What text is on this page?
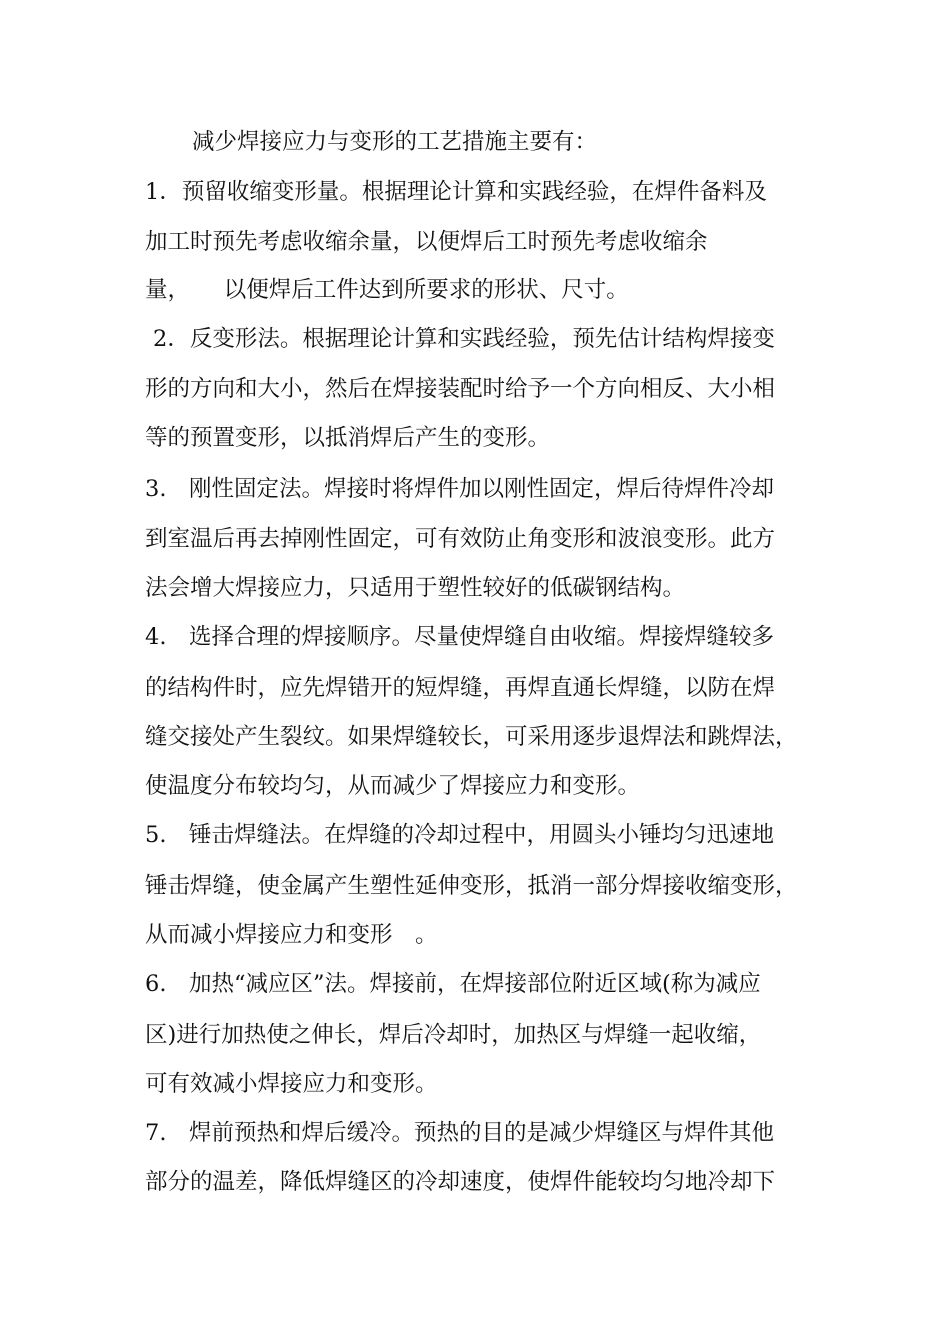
减少焊接应力与变形的工艺措施主要有：
1．预留收缩变形量。根据理论计算和实践经验，在焊件备料及
加工时预先考虑收缩余量，以便焊后工时预先考虑收缩余
量，　　以便焊后工件达到所要求的形状、尺寸。
2．反变形法。根据理论计算和实践经验，预先估计结构焊接变
形的方向和大小，然后在焊接装配时给予一个方向相反、大小相
等的预置变形，以抵消焊后产生的变形。
3.　刚性固定法。焊接时将焊件加以刚性固定，焊后待焊件冷却
到室温后再去掉刚性固定，可有效防止角变形和波浪变形。此方
法会增大焊接应力，只适用于塑性较好的低碳钢结构。
4.　选择合理的焊接顺序。尽量使焊缝自由收缩。焊接焊缝较多
的结构件时，应先焊错开的短焊缝，再焊直通长焊缝，以防在焊
缝交接处产生裂纹。如果焊缝较长，可采用逐步退焊法和跳焊法，
使温度分布较均匀，从而减少了焊接应力和变形。
5.　锤击焊缝法。在焊缝的冷却过程中，用圆头小锤均匀迅速地
锤击焊缝，使金属产生塑性延伸变形，抵消一部分焊接收缩变形，
从而减小焊接应力和变形　。
6.　加热“减应区”法。焊接前，在焊接部位附近区域(称为减应
区)进行加热使之伸长，焊后冷却时，加热区与焊缝一起收缩，
可有效减小焊接应力和变形。
7.　焊前预热和焊后缓冷。预热的目的是减少焊缝区与焊件其他
部分的温差，降低焊缝区的冷却速度，使焊件能较均匀地冷却下
